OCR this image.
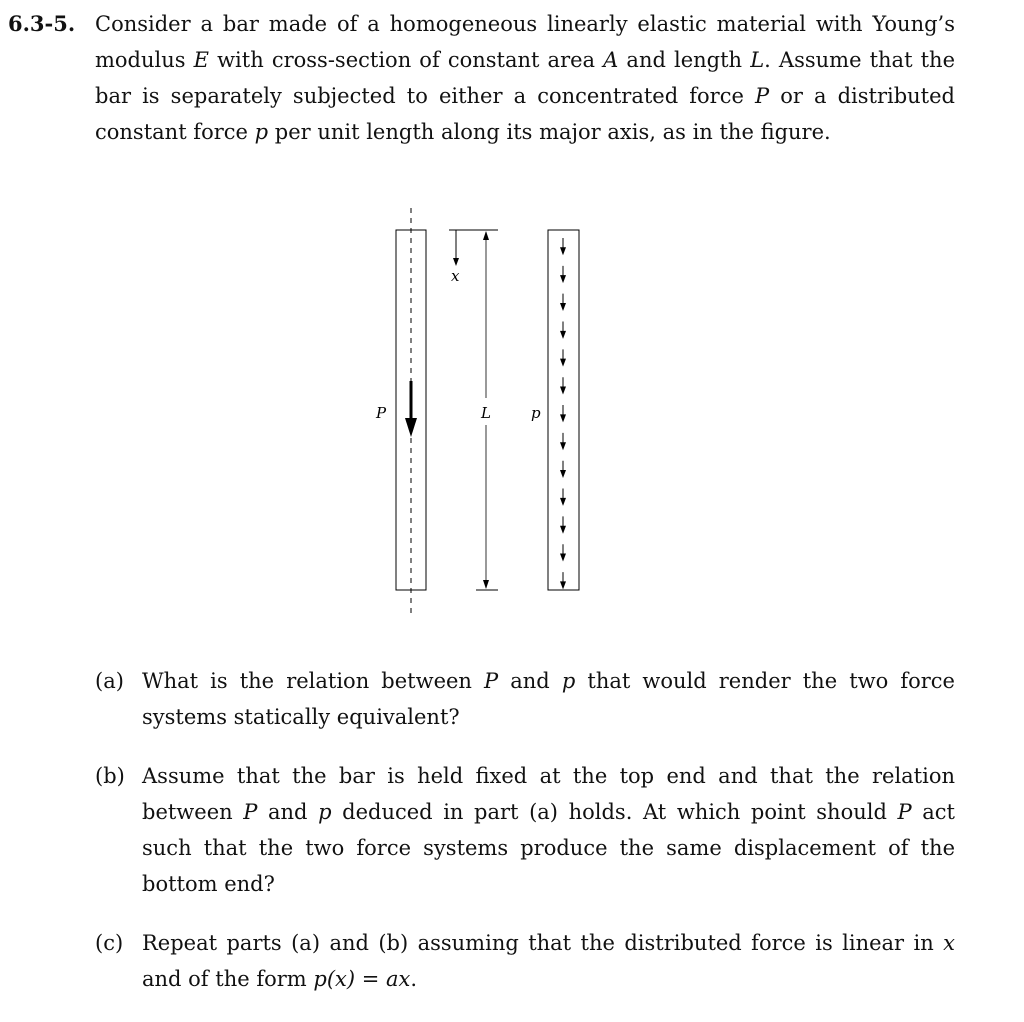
6.3-5. Consider a bar made of a homogeneous linearly elastic material with Young’s modulus E with cross-section of constant area A and length L. Assume that the bar is separately subjected to either a concentrated force P or a distributed constant force p per unit length along its major axis, as in the figure.
P
x
L	p
(a) What is the relation between P and p that would render the two force systems statically equivalent?
(b) Assume that the bar is held fixed at the top end and that the relation between P and p deduced in part (a) holds. At which point should P act such that the two force systems produce the same displacement of the bottom end?
(c) Repeat parts (a) and (b) assuming that the distributed force is linear in x and of the form p(x) = ax.
